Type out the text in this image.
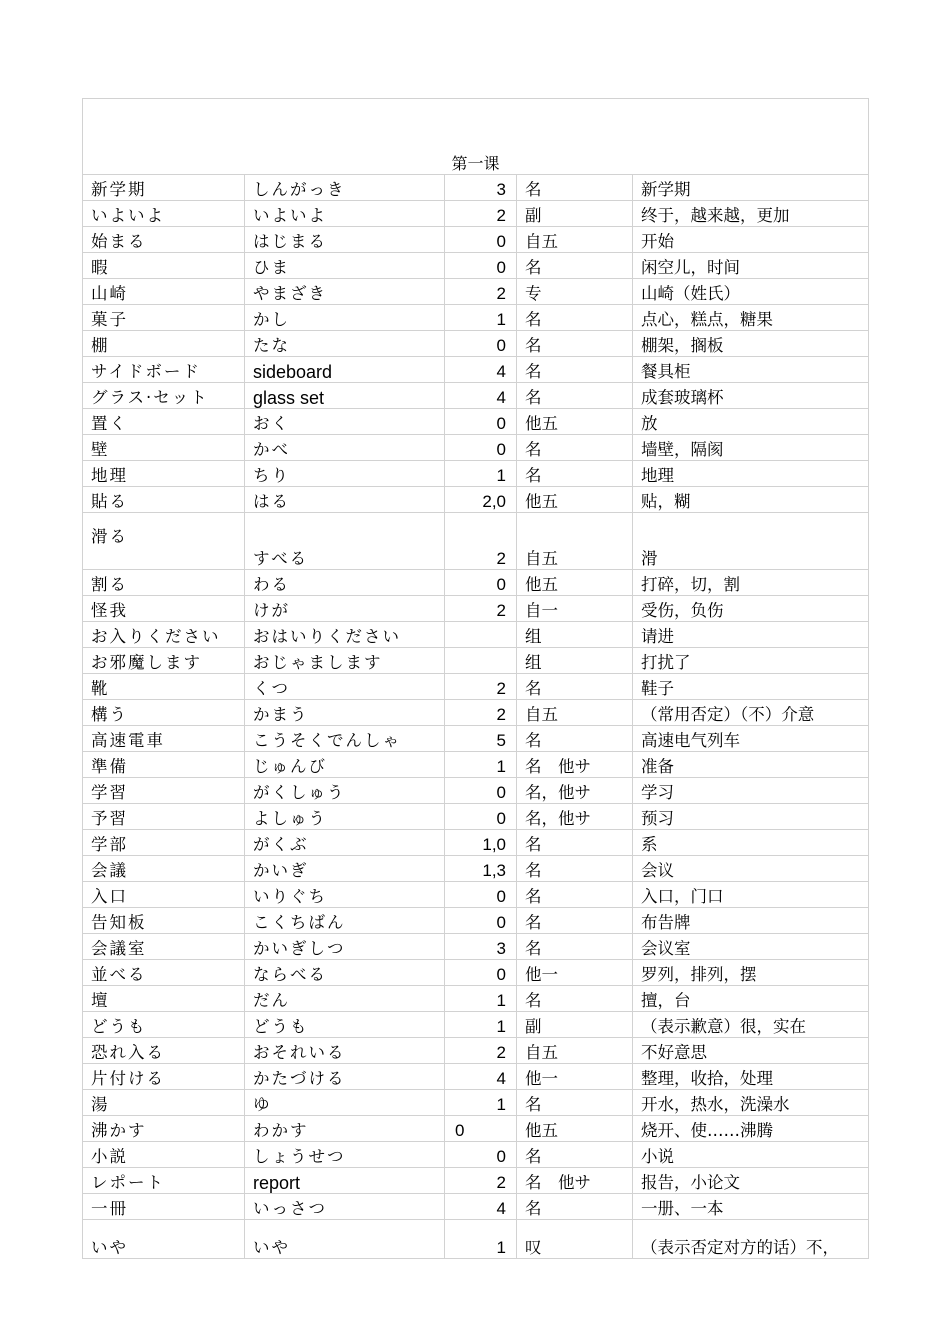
第一课				
新学期	しんがっき	3	名	新学期
いよいよ	いよいよ	2	副	终于，越来越，更加
始まる	はじまる	0	自五	开始
暇	ひま	0	名	闲空儿，时间
山崎	やまざき	2	专	山崎（姓氏）
菓子	かし	1	名	点心，糕点，糖果
棚	たな	0	名	棚架，搁板
サイドボード	sideboard	4	名	餐具柜
グラス·セット	glass set	4	名	成套玻璃杯
置く	おく	0	他五	放
壁	かべ	0	名	墙壁，隔阂
地理	ちり	1	名	地理
貼る	はる	2,0	他五	贴，糊
滑る	すべる	2	自五	滑
割る	わる	0	他五	打碎，切，割
怪我	けが	2	自一	受伤，负伤
お入りください	おはいりください		组	请进
お邪魔します	おじゃまします		组	打扰了
靴	くつ	2	名	鞋子
構う	かまう	2	自五	（常用否定）（不）介意
高速電車	こうそくでんしゃ	5	名	高速电气列车
準備	じゅんび	1	名　他サ	准备
学習	がくしゅう	0	名，他サ	学习
予習	よしゅう	0	名，他サ	预习
学部	がくぶ	1,0	名	系
会議	かいぎ	1,3	名	会议
入口	いりぐち	0	名	入口，门口
告知板	こくちばん	0	名	布告牌
会議室	かいぎしつ	3	名	会议室
並べる	ならべる	0	他一	罗列，排列，摆
壇	だん	1	名	擅，台
どうも	どうも	1	副	（表示歉意）很，实在
恐れ入る	おそれいる	2	自五	不好意思
片付ける	かたづける	4	他一	整理，收拾，处理
湯	ゆ	1	名	开水，热水，洗澡水
沸かす	わかす	0	他五	烧开、使……沸腾
小説	しょうせつ	0	名	小说
レポート	report	2	名　他サ	报告，小论文
一冊	いっさつ	4	名	一册、一本
いや	いや	1	叹	（表示否定对方的话）不，
